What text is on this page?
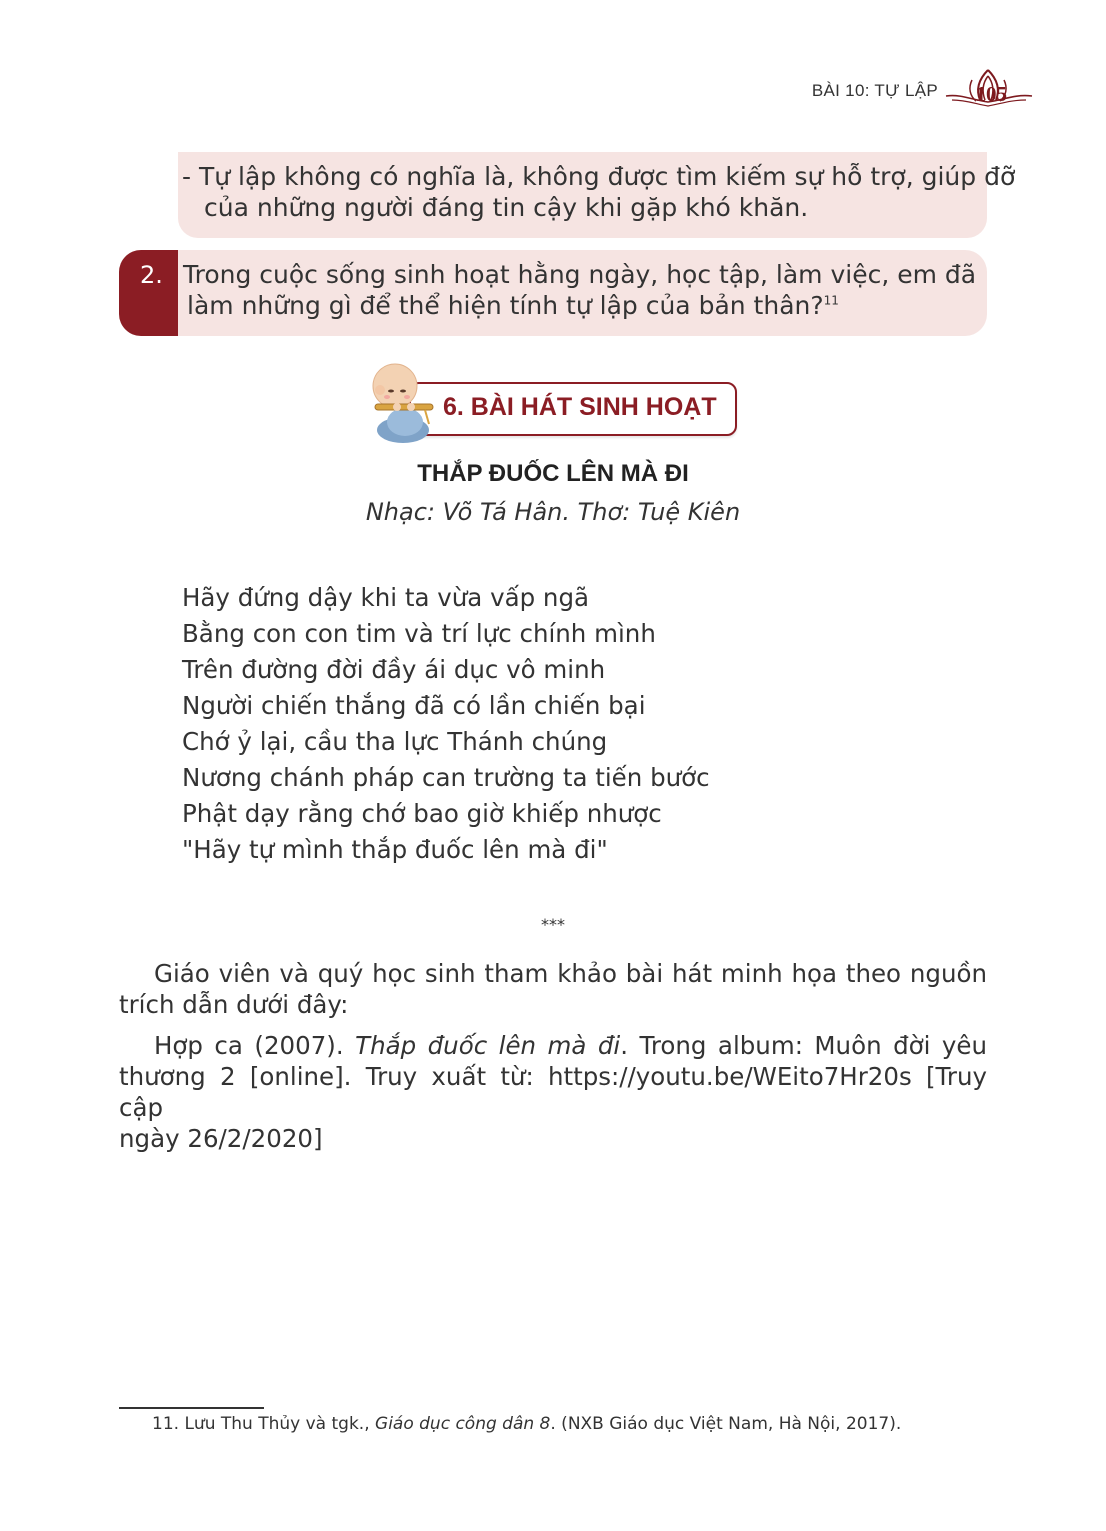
BÀI 10: TỰ LẬP 105
- Tự lập không có nghĩa là, không được tìm kiếm sự hỗ trợ, giúp đỡ
của những người đáng tin cậy khi gặp khó khăn.
2. Trong cuộc sống sinh hoạt hằng ngày, học tập, làm việc, em đã
làm những gì để thể hiện tính tự lập của bản thân?$^{11}$
6. BÀI HÁT SINH HOẠT
THẮP ĐUỐC LÊN MÀ ĐI
Nhạc: Võ Tá Hân. Thơ: Tuệ Kiên
Hãy đứng dậy khi ta vừa vấp ngã
Bằng con con tim và trí lực chính mình
Trên đường đời đầy ái dục vô minh
Người chiến thắng đã có lần chiến bại
Chớ ỷ lại, cầu tha lực Thánh chúng
Nương chánh pháp can trường ta tiến bước
Phật dạy rằng chớ bao giờ khiếp nhược
"Hãy tự mình thắp đuốc lên mà đi"
***
Giáo viên và quý học sinh tham khảo bài hát minh họa theo nguồn
trích dẫn dưới đây:
Hợp ca (2007). Thắp đuốc lên mà đi. Trong album: Muôn đời yêu
thương 2 [online]. Truy xuất từ: https://youtu.be/WEito7Hr20s [Truy cập
ngày 26/2/2020]
11. Lưu Thu Thủy và tgk., Giáo dục công dân 8. (NXB Giáo dục Việt Nam, Hà Nội, 2017).
